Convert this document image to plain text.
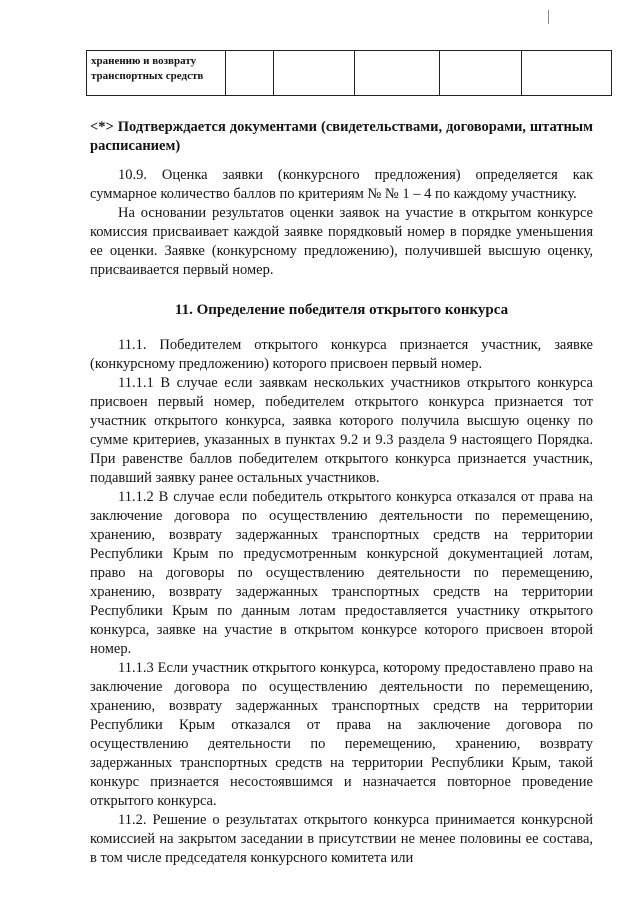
хранению и возврату
транспортных средств

<*> Подтверждается документами (свидетельствами, договорами, штатным расписанием)

10.9. Оценка заявки (конкурсного предложения) определяется как суммарное количество баллов по критериям № № 1 – 4 по каждому участнику.

На основании результатов оценки заявок на участие в открытом конкурсе комиссия присваивает каждой заявке порядковый номер в порядке уменьшения ее оценки. Заявке (конкурсному предложению), получившей высшую оценку, присваивается первый номер.

11. Определение победителя открытого конкурса

11.1. Победителем открытого конкурса признается участник, заявке (конкурсному предложению) которого присвоен первый номер.

11.1.1 В случае если заявкам нескольких участников открытого конкурса присвоен первый номер, победителем открытого конкурса признается тот участник открытого конкурса, заявка которого получила высшую оценку по сумме критериев, указанных в пунктах 9.2 и 9.3 раздела 9 настоящего Порядка. При равенстве баллов победителем открытого конкурса признается участник, подавший заявку ранее остальных участников.

11.1.2 В случае если победитель открытого конкурса отказался от права на заключение договора по осуществлению деятельности по перемещению, хранению, возврату задержанных транспортных средств на территории Республики Крым по предусмотренным конкурсной документацией лотам, право на договоры по осуществлению деятельности по перемещению, хранению, возврату задержанных транспортных средств на территории Республики Крым по данным лотам предоставляется участнику открытого конкурса, заявке на участие в открытом конкурсе которого присвоен второй номер.

11.1.3 Если участник открытого конкурса, которому предоставлено право на заключение договора по осуществлению деятельности по перемещению, хранению, возврату задержанных транспортных средств на территории Республики Крым отказался от права на заключение договора по осуществлению деятельности по перемещению, хранению, возврату задержанных транспортных средств на территории Республики Крым, такой конкурс признается несостоявшимся и назначается повторное проведение открытого конкурса.

11.2. Решение о результатах открытого конкурса принимается конкурсной комиссией на закрытом заседании в присутствии не менее половины ее состава, в том числе председателя конкурсного комитета или
